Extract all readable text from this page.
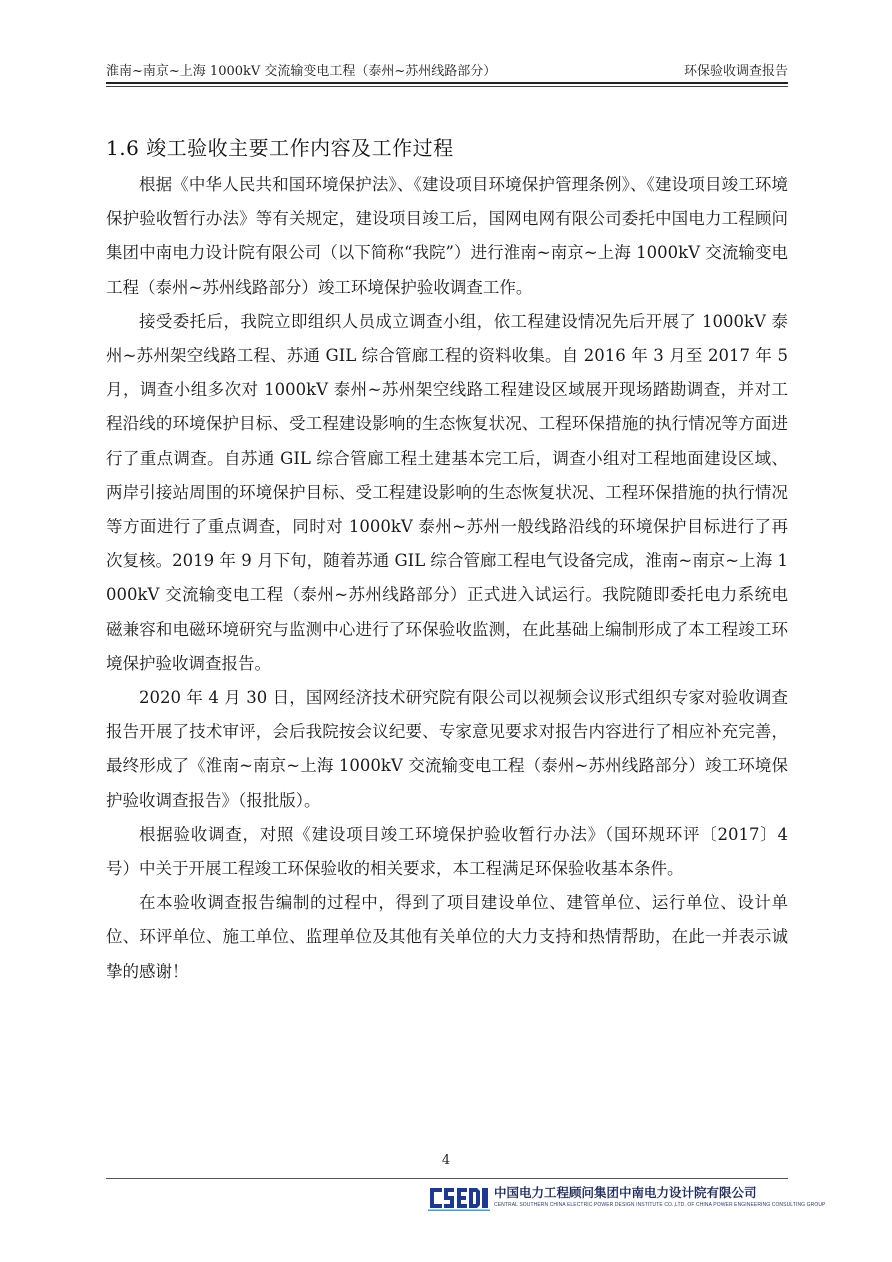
淮南~南京~上海 1000kV 交流输变电工程（泰州~苏州线路部分）	环保验收调查报告
1.6 竣工验收主要工作内容及工作过程

根据《中华人民共和国环境保护法》、《建设项目环境保护管理条例》、《建设项目竣工环境保护验收暂行办法》等有关规定，建设项目竣工后，国网电网有限公司委托中国电力工程顾问集团中南电力设计院有限公司（以下简称“我院”）进行淮南~南京~上海 1000kV 交流输变电工程（泰州~苏州线路部分）竣工环境保护验收调查工作。

接受委托后，我院立即组织人员成立调查小组，依工程建设情况先后开展了 1000kV 泰州~苏州架空线路工程、苏通 GIL 综合管廊工程的资料收集。自 2016 年 3 月至 2017 年 5 月，调查小组多次对 1000kV 泰州~苏州架空线路工程建设区域展开现场踏勘调查，并对工程沿线的环境保护目标、受工程建设影响的生态恢复状况、工程环保措施的执行情况等方面进行了重点调查。自苏通 GIL 综合管廊工程土建基本完工后，调查小组对工程地面建设区域、两岸引接站周围的环境保护目标、受工程建设影响的生态恢复状况、工程环保措施的执行情况等方面进行了重点调查，同时对 1000kV 泰州~苏州一般线路沿线的环境保护目标进行了再次复核。2019 年 9 月下旬，随着苏通 GIL 综合管廊工程电气设备完成，淮南~南京~上海 1000kV 交流输变电工程（泰州~苏州线路部分）正式进入试运行。我院随即委托电力系统电磁兼容和电磁环境研究与监测中心进行了环保验收监测，在此基础上编制形成了本工程竣工环境保护验收调查报告。

2020 年 4 月 30 日，国网经济技术研究院有限公司以视频会议形式组织专家对验收调查报告开展了技术审评，会后我院按会议纪要、专家意见要求对报告内容进行了相应补充完善，最终形成了《淮南~南京~上海 1000kV 交流输变电工程（泰州~苏州线路部分）竣工环境保护验收调查报告》（报批版）。

根据验收调查，对照《建设项目竣工环境保护验收暂行办法》（国环规环评〔2017〕4 号）中关于开展工程竣工环保验收的相关要求，本工程满足环保验收基本条件。

在本验收调查报告编制的过程中，得到了项目建设单位、建管单位、运行单位、设计单位、环评单位、施工单位、监理单位及其他有关单位的大力支持和热情帮助，在此一并表示诚挚的感谢！

4
中国电力工程顾问集团中南电力设计院有限公司
CENTRAL SOUTHERN CHINA ELECTRIC POWER DESIGN INSTITUTE CO.,LTD. OF CHINA POWER ENGINEERING CONSULTING GROUP
